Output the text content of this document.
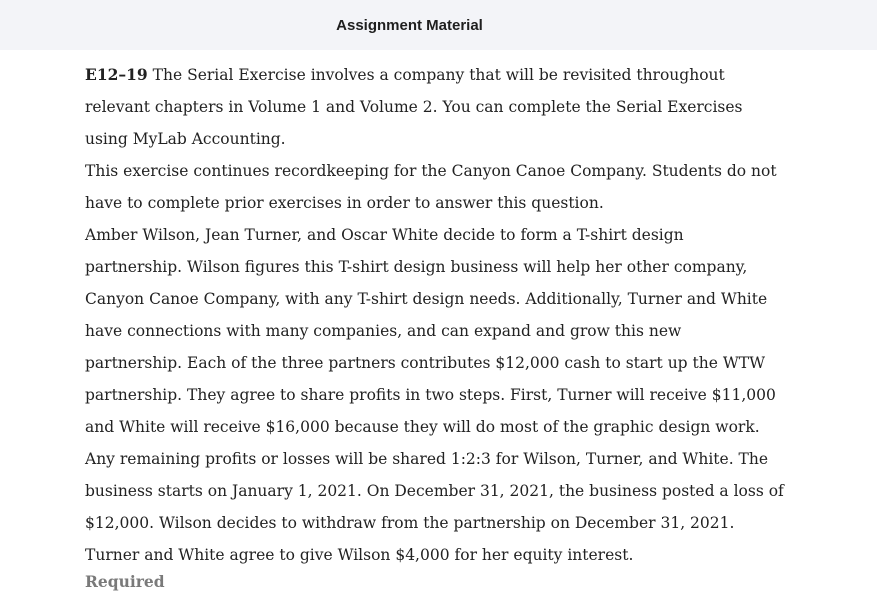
Assignment Material
E12–19 The Serial Exercise involves a company that will be revisited throughout
relevant chapters in Volume 1 and Volume 2. You can complete the Serial Exercises
using MyLab Accounting.
This exercise continues recordkeeping for the Canyon Canoe Company. Students do not
have to complete prior exercises in order to answer this question.
Amber Wilson, Jean Turner, and Oscar White decide to form a T-shirt design
partnership. Wilson figures this T-shirt design business will help her other company,
Canyon Canoe Company, with any T-shirt design needs. Additionally, Turner and White
have connections with many companies, and can expand and grow this new
partnership. Each of the three partners contributes $12,000 cash to start up the WTW
partnership. They agree to share profits in two steps. First, Turner will receive $11,000
and White will receive $16,000 because they will do most of the graphic design work.
Any remaining profits or losses will be shared 1:2:3 for Wilson, Turner, and White. The
business starts on January 1, 2021. On December 31, 2021, the business posted a loss of
$12,000. Wilson decides to withdraw from the partnership on December 31, 2021.
Turner and White agree to give Wilson $4,000 for her equity interest.
Required
